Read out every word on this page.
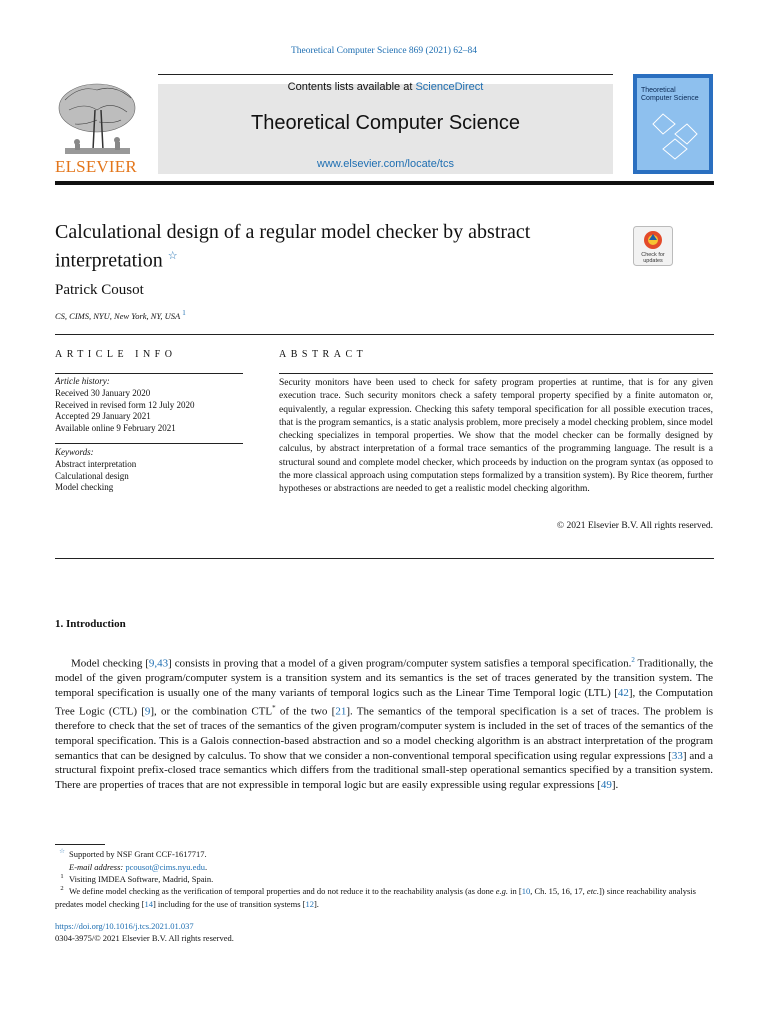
Theoretical Computer Science 869 (2021) 62–84
ELSEVIER
Contents lists available at ScienceDirect
Theoretical Computer Science
www.elsevier.com/locate/tcs
Theoretical
Computer Science
Calculational design of a regular model checker by abstract interpretation ☆	Check for
updates
Patrick Cousot
CS, CIMS, NYU, New York, NY, USA $^1$
ARTICLE INFO
Article history:
Received 30 January 2020
Received in revised form 12 July 2020
Accepted 29 January 2021
Available online 9 February 2021
Keywords:
Abstract interpretation
Calculational design
Model checking
ABSTRACT
Security monitors have been used to check for safety program properties at runtime, that is for any given execution trace. Such security monitors check a safety temporal property specified by a finite automaton or, equivalently, a regular expression. Checking this safety temporal specification for all possible execution traces, that is the program semantics, is a static analysis problem, more precisely a model checking problem, since model checking specializes in temporal properties. We show that the model checker can be formally designed by calculus, by abstract interpretation of a formal trace semantics of the programming language. The result is a structural sound and complete model checker, which proceeds by induction on the program syntax (as opposed to the more classical approach using computation steps formalized by a transition system). By Rice theorem, further hypotheses or abstractions are needed to get a realistic model checking algorithm.
© 2021 Elsevier B.V. All rights reserved.
1. Introduction
Model checking [9,43] consists in proving that a model of a given program/computer system satisfies a temporal specification.$^2$ Traditionally, the model of the given program/computer system is a transition system and its semantics is the set of traces generated by the transition system. The temporal specification is usually one of the many variants of temporal logics such as the Linear Time Temporal logic (LTL) [42], the Computation Tree Logic (CTL) [9], or the combination CTL* of the two [21]. The semantics of the temporal specification is a set of traces. The problem is therefore to check that the set of traces of the semantics of the given program/computer system is included in the set of traces of the semantics of the temporal specification. This is a Galois connection-based abstraction and so a model checking algorithm is an abstract interpretation of the program semantics that can be designed by calculus. To show that we consider a non-conventional temporal specification using regular expressions [33] and a structural fixpoint prefix-closed trace semantics which differs from the traditional small-step operational semantics specified by a transition system. There are properties of traces that are not expressible in temporal logic but are easily expressible using regular expressions [49].
☆ Supported by NSF Grant CCF-1617717.
E-mail address: pcousot@cims.nyu.edu.
1 Visiting IMDEA Software, Madrid, Spain.
2 We define model checking as the verification of temporal properties and do not reduce it to the reachability analysis (as done e.g. in [10, Ch. 15, 16, 17, etc.]) since reachability analysis predates model checking [14] including for the use of transition systems [12].
https://doi.org/10.1016/j.tcs.2021.01.037
0304-3975/© 2021 Elsevier B.V. All rights reserved.
